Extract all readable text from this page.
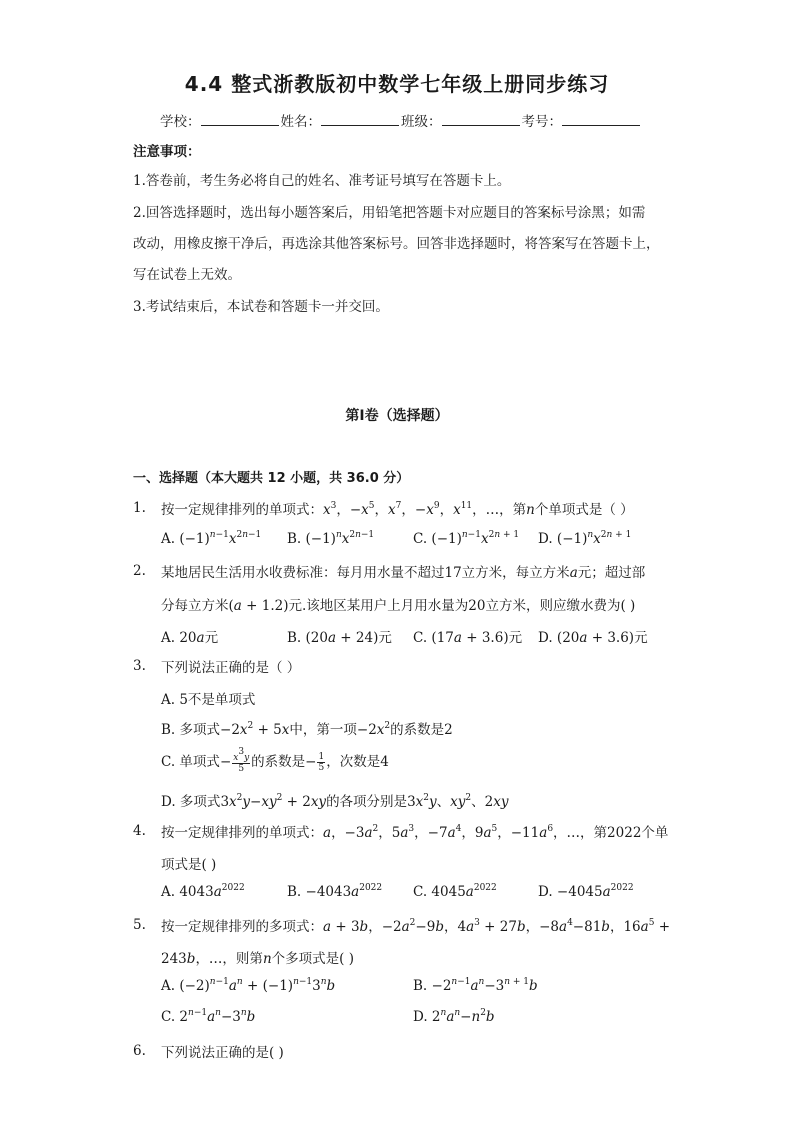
4.4 整式浙教版初中数学七年级上册同步练习
学校：	姓名：	班级：	考号：
注意事项：
1.答卷前，考生务必将自己的姓名、准考证号填写在答题卡上。
2.回答选择题时，选出每小题答案后，用铅笔把答题卡对应题目的答案标号涂黑；如需
改动，用橡皮擦干净后，再选涂其他答案标号。回答非选择题时，将答案写在答题卡上，
写在试卷上无效。
3.考试结束后，本试卷和答题卡一并交回。
第Ⅰ卷（选择题）
一、选择题（本大题共 12 小题，共 36.0 分）
1. 按一定规律排列的单项式：$x^3$，$-x^5$，$x^7$，$-x^9$，$x^{11}$，…，第n个单项式是（ ）
A. $(-1)^{n-1}x^{2n-1}$ B. $(-1)^nx^{2n-1}$	C. $(-1)^{n-1}x^{2n + 1}$ D. $(-1)^nx^{2n + 1}$
2. 某地居民生活用水收费标准：每月用水量不超过17立方米，每立方米a元；超过部
分每立方米(a + 1.2)元.该地区某用户上月用水量为20立方米，则应缴水费为( )
A. 20a元	B. (20a + 24)元 C. (17a + 3.6)元 D. (20a + 3.6)元
3. 下列说法正确的是（ ）
A. 5不是单项式
B. 多项式$-2x^2 + 5x$中，第一项$-2x^2$的系数是2
C. 单项式− $\frac{x^3y}{5}$ 的系数是− $\frac{1}{5}$ ，次数是4
D. 多项式$3x^2y-xy^2 + 2xy$的各项分别是$3x^2y$、$xy^2$、2xy
4. 按一定规律排列的单项式：a，$-3a^2$，$5a^3$，$-7a^4$，$9a^5$，$-11a^6$，…，第2022个单
项式是( )
A. $4043a^{2022}$	B. $-4043a^{2022}$ C. $4045a^{2022}$	D. $-4045a^{2022}$
5. 按一定规律排列的多项式：a + 3b，$-2a^2-9b$，$4a^3 + 27b$，$-8a^4-81b$，$16a^5$ +
243b，…，则第n个多项式是( )
A. $(-2)^{n-1}a^n + (-1)^{n-1}3^nb$	B. $-2^{n-1}a^n-3^{n + 1}b$
C. $2^{n-1}a^n-3^nb$	D. $2^na^n-n^2b$
6. 下列说法正确的是( )
